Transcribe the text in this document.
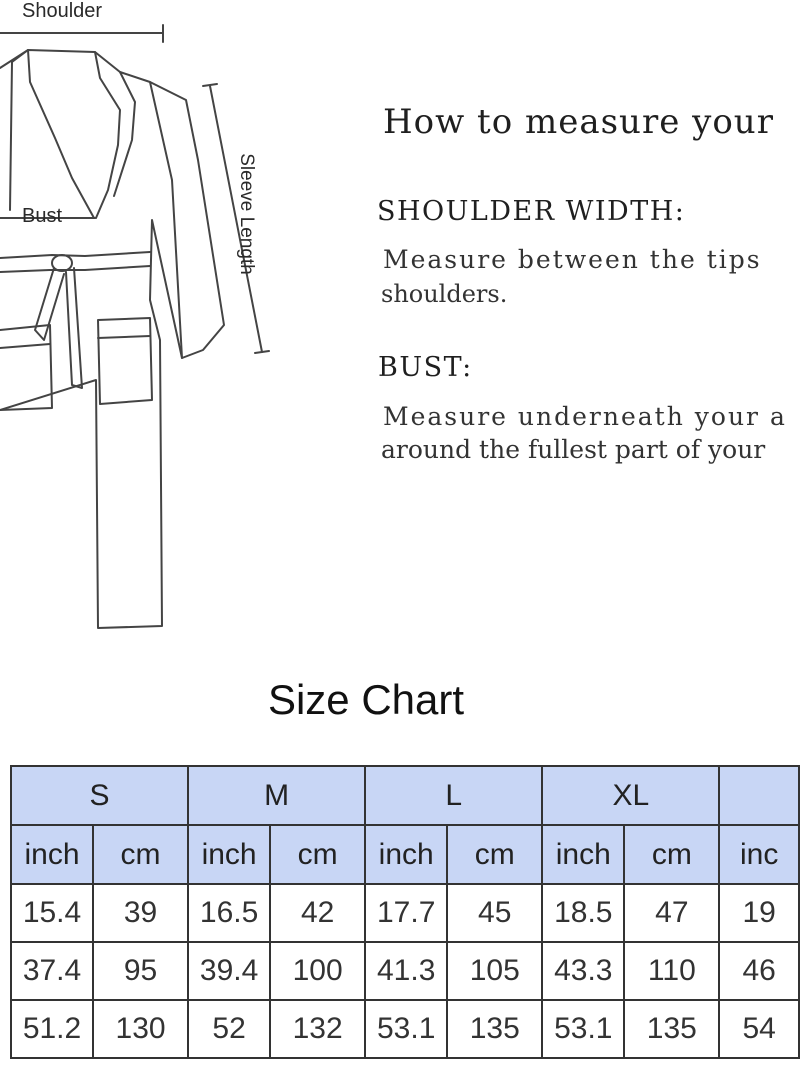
Shoulder
Bust	Sleeve Length
How to measure your
SHOULDER WIDTH:
Measure between the tips
shoulders.
BUST:
Measure underneath your a
around the fullest part of your
Size Chart
S		M		L		XL		
inch	cm	inch	cm	inch	cm	inch	cm	inc
15.4	39	16.5	42	17.7	45	18.5	47	19
37.4	95	39.4	100	41.3	105	43.3	110	46
51.2	130	52	132	53.1	135	53.1	135	54
